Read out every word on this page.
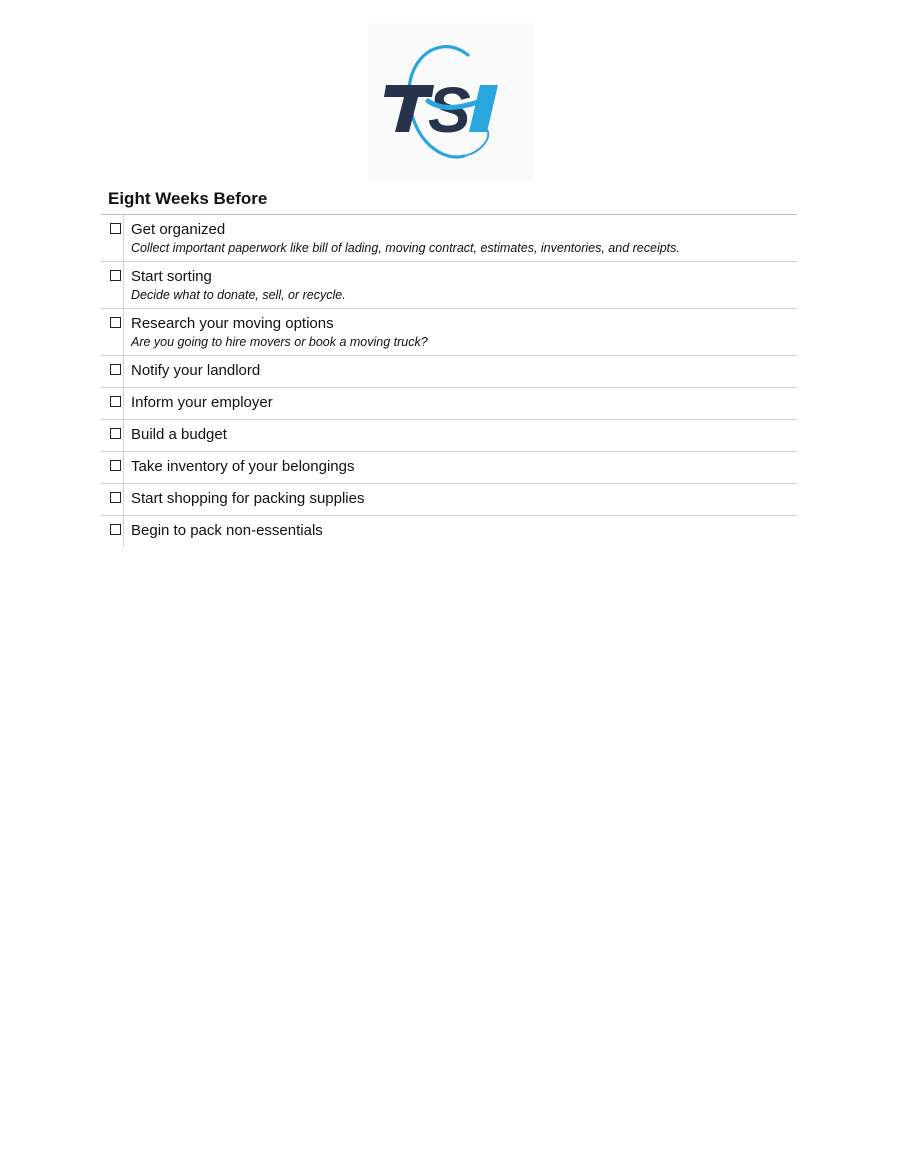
S
Eight Weeks Before
Get organized
Collect important paperwork like bill of lading, moving contract, estimates, inventories, and receipts.
Start sorting
Decide what to donate, sell, or recycle.
Research your moving options
Are you going to hire movers or book a moving truck?
Notify your landlord
Inform your employer
Build a budget
Take inventory of your belongings
Start shopping for packing supplies
Begin to pack non-essentials
